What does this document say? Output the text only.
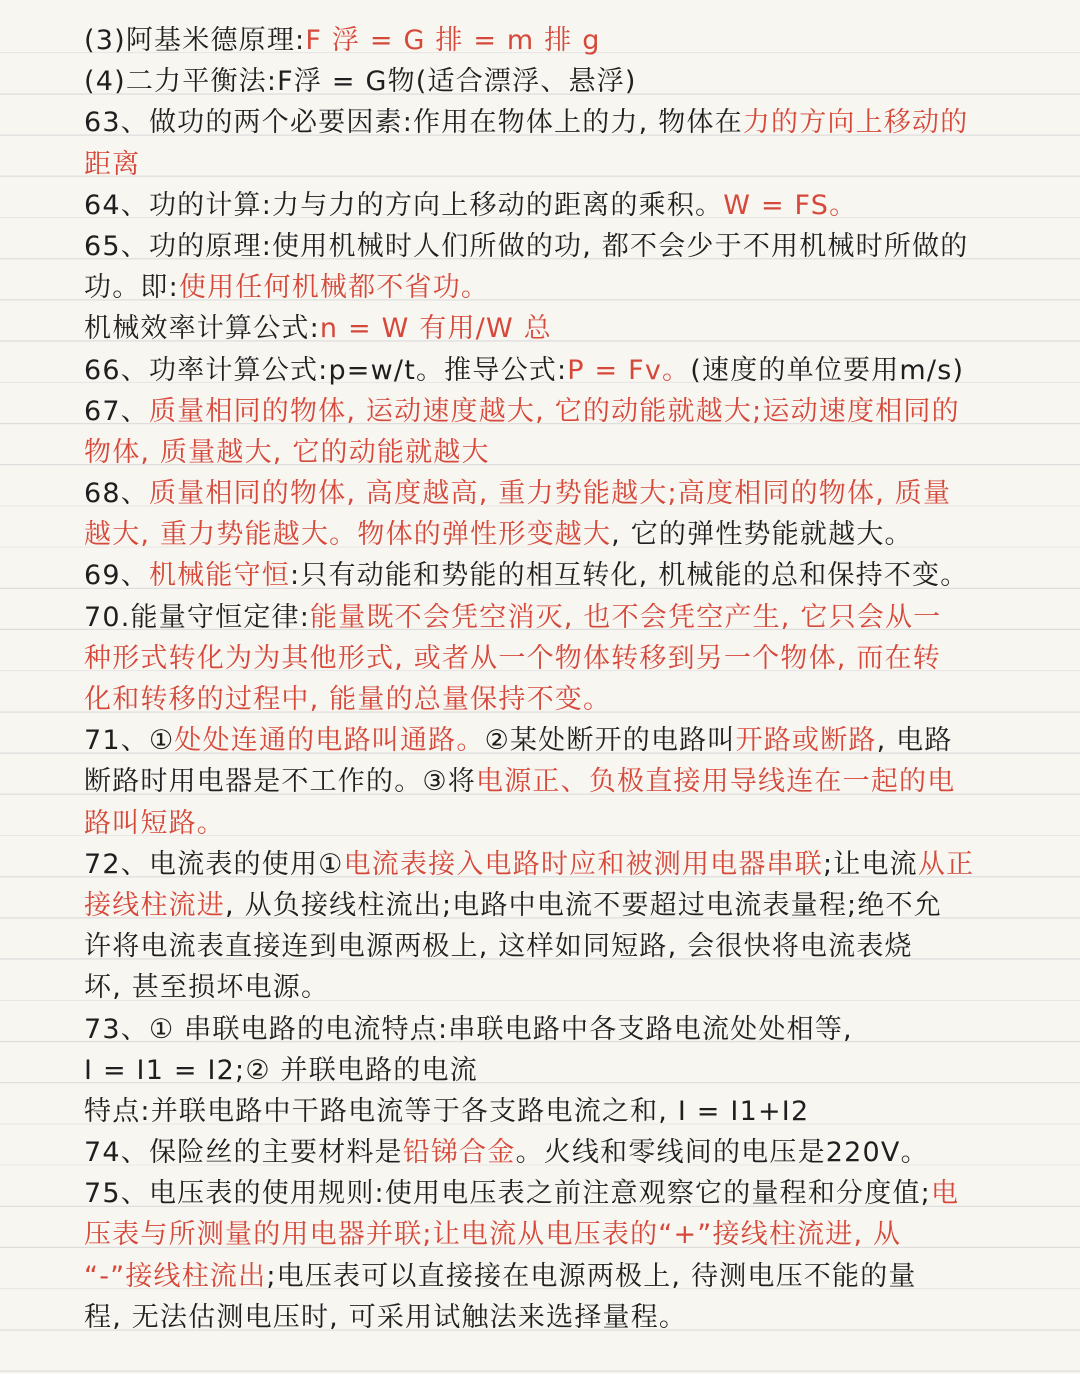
(3)阿基米德原理:F 浮 = G 排 = m 排 g
(4)二力平衡法:F浮 = G物(适合漂浮、悬浮)
63、做功的两个必要因素:作用在物体上的力, 物体在力的方向上移动的
距离
64、功的计算:力与力的方向上移动的距离的乘积。W = FS。
65、功的原理:使用机械时人们所做的功, 都不会少于不用机械时所做的
功。即:使用任何机械都不省功。
机械效率计算公式:n = W 有用/W 总
66、功率计算公式:p=w/t。推导公式:P = Fv。(速度的单位要用m/s)
67、质量相同的物体, 运动速度越大, 它的动能就越大;运动速度相同的
物体, 质量越大, 它的动能就越大
68、质量相同的物体, 高度越高, 重力势能越大;高度相同的物体, 质量
越大, 重力势能越大。物体的弹性形变越大, 它的弹性势能就越大。
69、机械能守恒:只有动能和势能的相互转化, 机械能的总和保持不变。
70.能量守恒定律:能量既不会凭空消灭, 也不会凭空产生, 它只会从一
种形式转化为为其他形式, 或者从一个物体转移到另一个物体, 而在转
化和转移的过程中, 能量的总量保持不变。
71、①处处连通的电路叫通路。②某处断开的电路叫开路或断路, 电路
断路时用电器是不工作的。③将电源正、负极直接用导线连在一起的电
路叫短路。
72、电流表的使用①电流表接入电路时应和被测用电器串联;让电流从正
接线柱流进, 从负接线柱流出;电路中电流不要超过电流表量程;绝不允
许将电流表直接连到电源两极上, 这样如同短路, 会很快将电流表烧
坏, 甚至损坏电源。
73、① 串联电路的电流特点:串联电路中各支路电流处处相等,
I = I1 = I2;② 并联电路的电流
特点:并联电路中干路电流等于各支路电流之和, I = I1+I2
74、保险丝的主要材料是铅锑合金。火线和零线间的电压是220V。
75、电压表的使用规则:使用电压表之前注意观察它的量程和分度值;电
压表与所测量的用电器并联;让电流从电压表的“+”接线柱流进, 从
“-”接线柱流出;电压表可以直接接在电源两极上, 待测电压不能的量
程, 无法估测电压时, 可采用试触法来选择量程。
